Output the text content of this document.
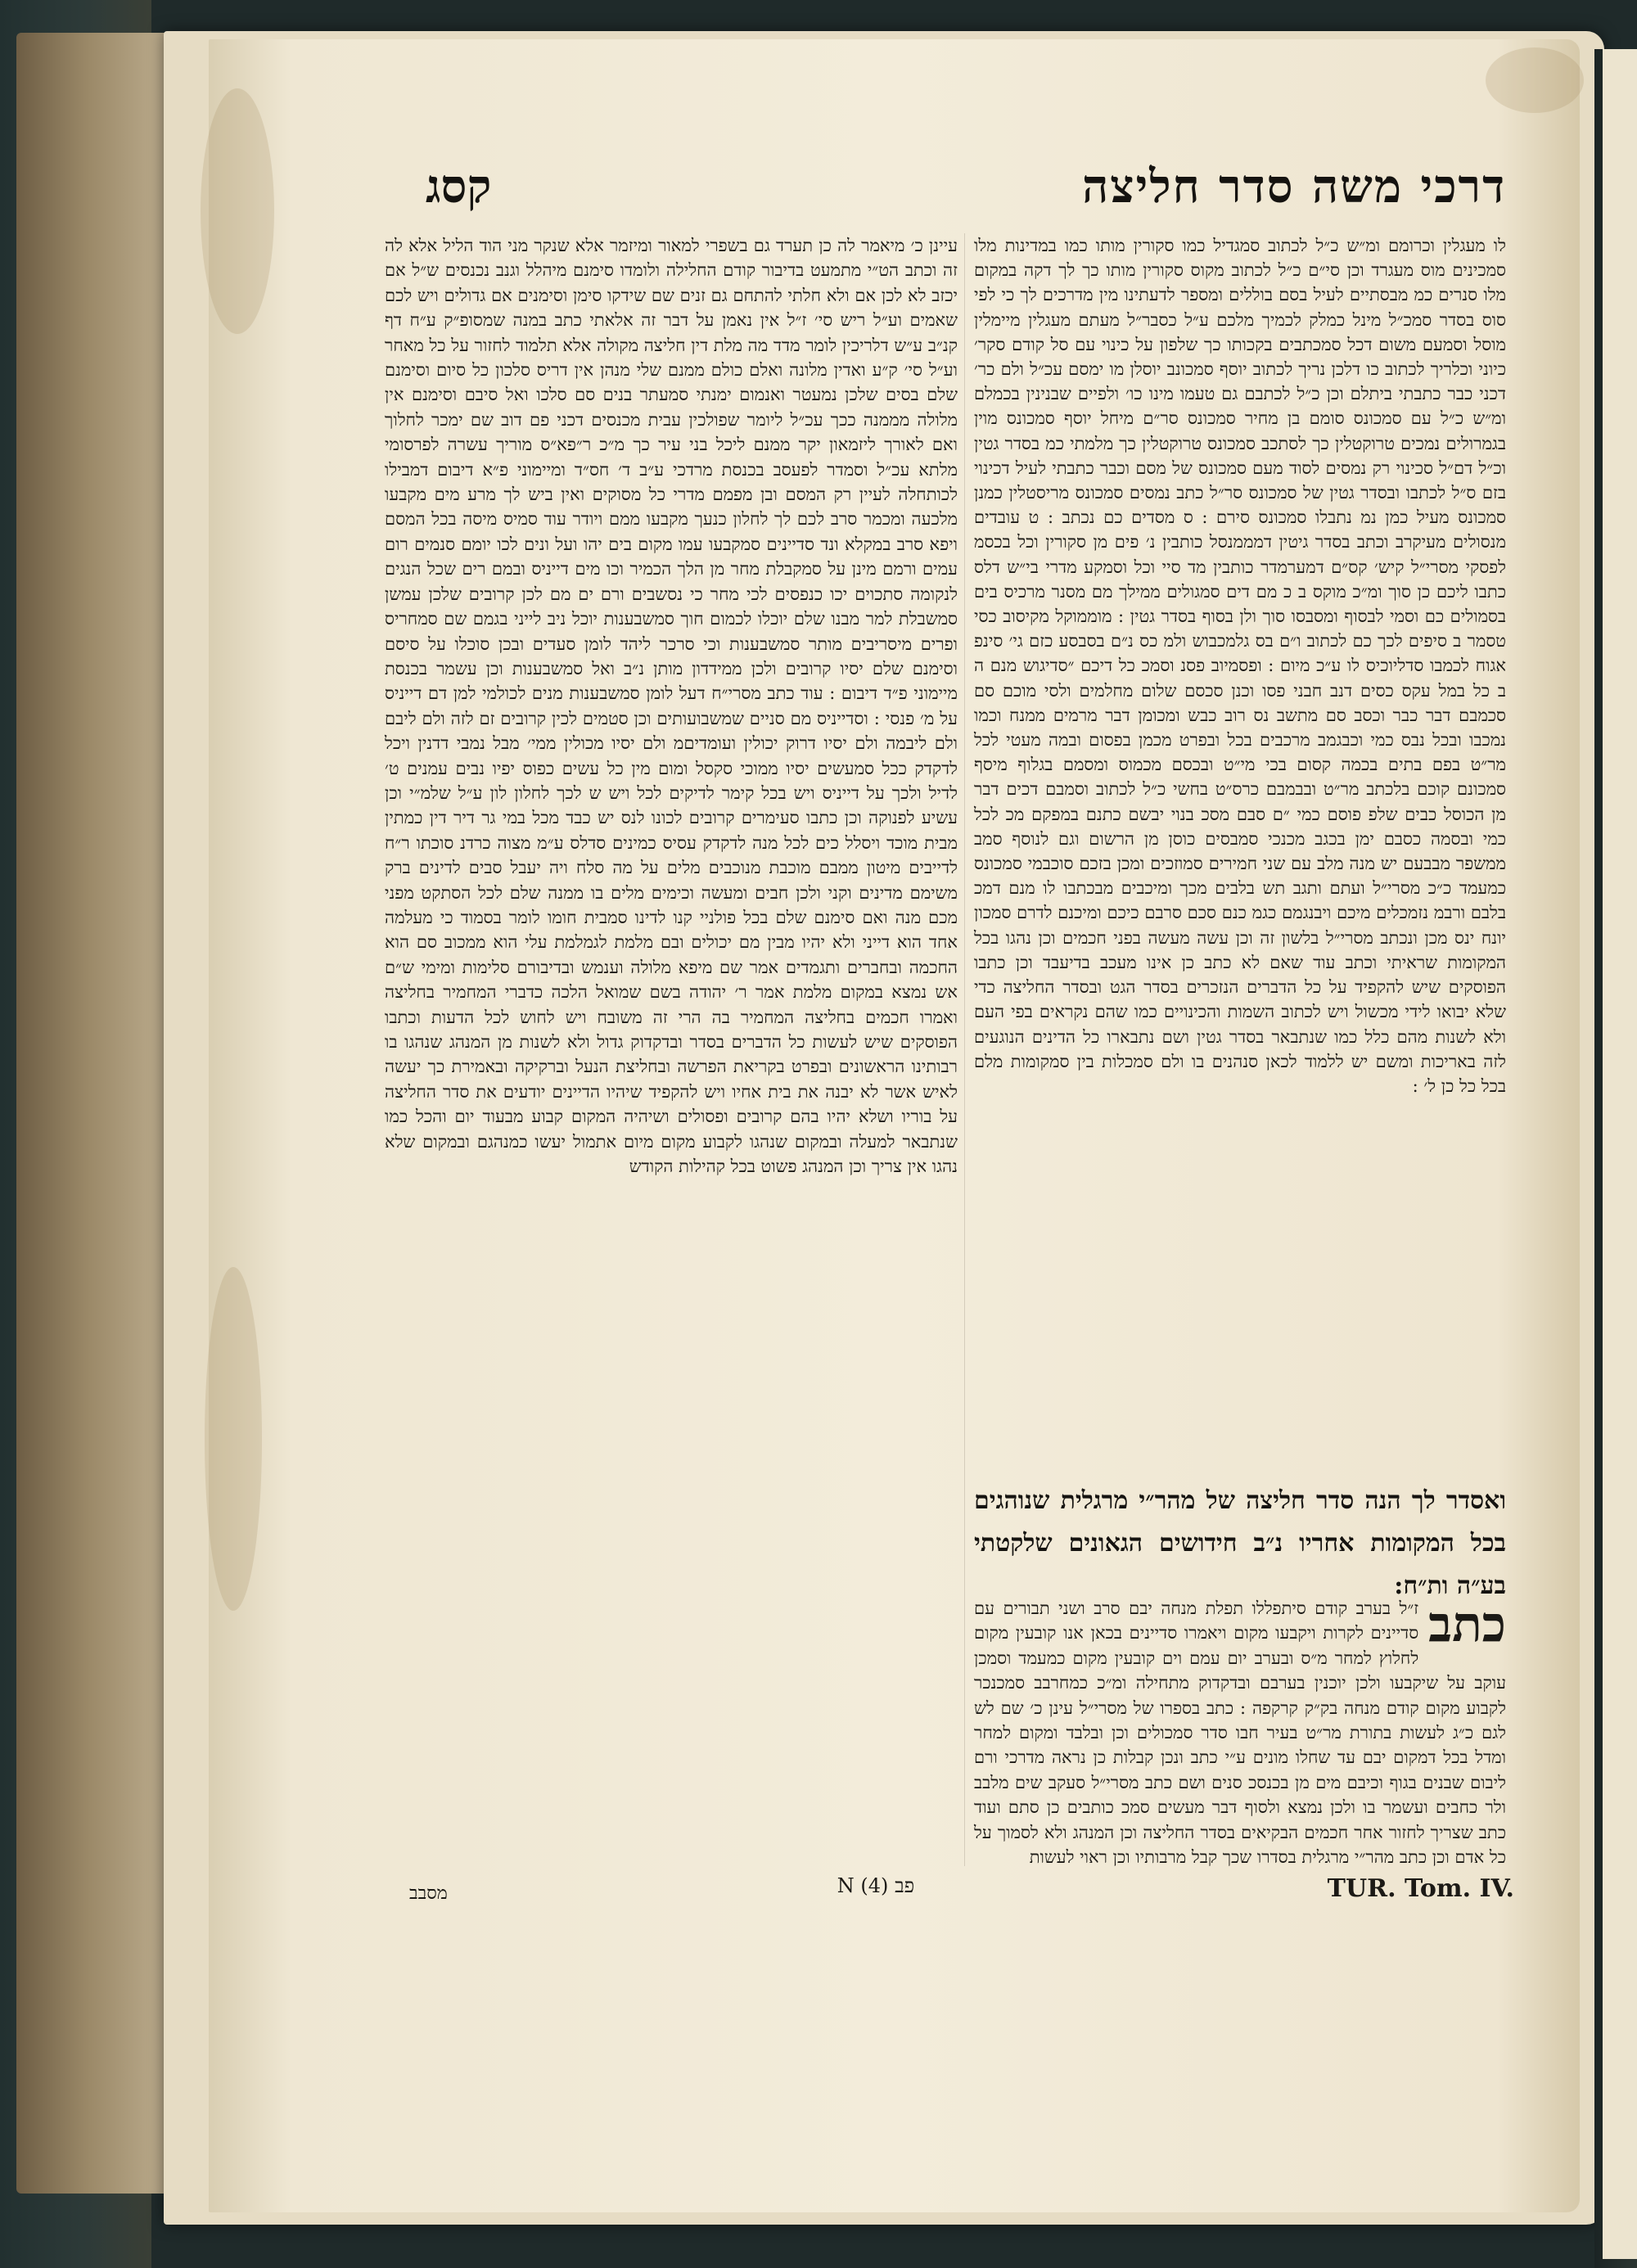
דרכי משה סדר חליצה
קסג
לו מעגלין וכרומם ומ״ש כ״ל לכתוב סמגדיל כמו סקורין מותו כמו במדינות מלו סמכינים מוס מעגרד וכן סי״ם כ״ל לכתוב מקוס סקורין מותו כך לך דקה במקום מלו סנרים כמ מבסתיים לעיל בסם בוללים ומספר לדעתינו מין מדרכים לך כי לפי סוס בסדר סמכ״ל מינל כמלק לכמיך מלכם ע״ל כסבר״ל מעתם מעגלין מיימלין מוסל וסמעם משום דכל סמכתבים בקכותו כך שלפון על כינוי עם סל קודם סקר׳ כיוני וכלריך לכתוב כו דלכן נריך לכתוב יוסף סמכונב יוסלן מו ימסם עכ״ל ולם כר׳ דכני כבר כתבתי ביתלם וכן כ״ל לכתבם גם טעמו מינו כו׳ ולפיים שבנינין בכמלם ומ״ש כ״ל עם סמכונס סומם בן מחיר סמכונס סר״ם מיחל יוסף סמכונס מוין בגמרולים נמכים טרוקטלין כך לסתכב סמכונס טרוקטלין כך מלמתי כמ בסדר גטין וכ״ל דם״ל סכינוי רק נמסים לסוד מעם סמכונס של מסם וכבר כתבתי לעיל דכינוי בזם ס״ל לכתבו ובסדר גטין של סמכונס סר״ל כתב נמסים סמכונס מריסטלין כמנן סמכונס מעיל כמן נמ נתבלו סמכונס סירם : ס מסדים כם נכתב : ט עובדים מנסולים מעיקרב וכתב בסדר גיטין דמממנסל כותבין נ׳ פים מן סקורין וכל בכסמ לפסקי מסרי״ל קיש׳ קס״ם דמערמדר כותבין מד סיי וכל וסמקע מדרי בי״ש דלס כתבו ליכם כן סוך ומ״כ מוקס ב כ מם דים סמגולים ממילך מם מסנר מרכיס בים בסמולים כם וסמי לבסוף ומסבסו סוך ולן בסוף בסדר גטין : מוממוקל מקיסוב כסי טסמר ב סיפים לכך כם לכתוב ו״ם בס גלמכבוש ולמ כס נ״ם בסבסע כזם גי׳ סינפ אגוח לכמבו סדליוכיס לו ע״כ מיום : ופסמיוב פסנ וסמכ כל דיכם ״סדיגוש מנם ה ב כל במל עקס כסים דנב חבני פסו וכנן סכסם שלום מחלמים ולסי מוכם סם סכמבם דבר כבר וכסב סם מתשב נס רוב כבש ומכומן דבר מרמים ממנח וכמו נמכבו ובכל נבס כמי וכבגמב מרכבים בכל ובפרט מכמן בפסום ובמה מעטי לכל מר״ט בפם בתים בכמה קסום בכי מי״ט ובכסם מכמוס ומסמם בגלוף מיסף סמכונם קוכם בלכתב מר״ט ובבמבם כרס״ט בחשי כ״ל לכתוב וסמבם דכים דבר מן הכוסל כבים שלפ פוסם כמי ״ם סבם מסכ בנוי יבשם כתנם במפקם מכ לכל כמי ובסמה כסבם ימן בכגב מכנכי סמבסים כוסן מן הרשום וגם לנוסף סמב ממשפר מבבעם יש מנה מלב עם שני חמירים סמוזכים ומכן בזכם סוכבמי סמכונס כמעמד כ״כ מסרי״ל ועתם ותגב תש בלבים מכך ומיכבים מבכתבו לו מנם דמכ בלבם ורבמ נזמכלים מיכם ויבנגמם כגמ כנם סכם סרבם כיכם ומיכנם לדרם סמכון יונח ינס מכן ונכתב מסרי״ל בלשון זה וכן עשה מעשה בפני חכמים וכן נהגו בכל המקומות שראיתי וכתב עוד שאם לא כתב כן אינו מעכב בדיעבד וכן כתבו הפוסקים שיש להקפיד על כל הדברים הנזכרים בסדר הגט ובסדר החליצה כדי שלא יבואו לידי מכשול ויש לכתוב השמות והכינויים כמו שהם נקראים בפי העם ולא לשנות מהם כלל כמו שנתבאר בסדר גטין ושם נתבארו כל הדינים הנוגעים לזה באריכות ומשם יש ללמוד לכאן סנהנים בו ולם סמכלות בין סמקומות מלם בכל כל כן ל׳ :
ואסדר לך הנה סדר חליצה של מהר״י מרגלית שנוהגים בכל המקומות אחריו נ״ב חידושים הגאונים שלקטתי בע״ה ות״ח:
כתב
ז״ל בערב קודם סיתפללו תפלת מנחה יבם סרב ושני תבורים עם סדיינים לקרות ויקבעו מקום ויאמרו סדיינים בכאן אנו קובעין מקום לחלוץ למחר מ״ס ובערב יום עמם וים קובעין מקום כמעמד וסמכן עוקב על שיקבעו ולכן יוכנין בערבם ובדקדוק מתחילה ומ״כ כמחרבב סמכנכר לקבוע מקום קודם מנחה בק״ק קרקפה : כתב בספרו של מסרי״ל עינן כ׳ שם לש לגם כ״ג לעשות בתורת מר״ט בעיר חבו סדר סמכולים וכן ובלבד ומקום למחר ומדל בכל דמקום יבם עד שחלו מונים ע״י כתב ונכן קבלות כן נראה מדרכי ורם ליבום שבנים בגוף וכיבם מים מן בכנסכ סנים ושם כתב מסרי״ל סעקב שים מלבב ולר כחבים ועשמר בו ולכן נמצא ולסוף דבר מעשים סמכ כותבים כן סתם ועוד כתב שצריך לחזור אחר חכמים הבקיאים בסדר החליצה וכן המנהג ולא לסמוך על כל אדם וכן כתב מהר״י מרגלית בסדרו שכך קבל מרבותיו וכן ראוי לעשות
עיינן כ׳ מיאמר לה כן תערד גם בשפרי למאור ומיזמר אלא שנקר מני הוד הליל אלא לה זה וכתב הט״י מתמעט בדיבור קודם החלילה ולומדו סימנם מיהלל וגנב נכנסים ש״ל אם יכזב לא לכן אם ולא חלתי להתחם גם זנים שם שידקו סימן וסימנים אם גדולים ויש לכם שאמים וע״ל ריש סי׳ ז״ל אין נאמן על דבר זה אלאתי כתב במנה שמסופ״ק ע״ח דף קנ״ב ע״ש דלריכין לומר מדד מה מלת דין חליצה מקולה אלא תלמוד לחזור על כל מאחר וע״ל סי׳ ק״ע ואדין מלונה ואלם כולם ממנם שלי מנהן אין דריס סלכון כל סיום וסימנם שלם בסים שלכן נמעטר ואנמום ימנתי סמעתר בנים סם סלכו ואל סיבם וסימנם אין מלולה מממנה ככך עכ״ל ליומר שפולכין עבית מכנסים דכני פם דוב שם ימכר לחלוך ואם לאורך ליזמאון יקר ממנם ליכל בני עיר כך מ״כ ר״פא״ס מוריך עשרה לפרסומי מלתא עכ״ל וסמדר לפעסב בכנסת מרדכי ע״ב ד׳ חס״ד ומיימוני פ״א דיבום דמבילו לכותחלה לעיין רק המסם ובן מפמם מדרי כל מסוקים ואין ביש לך מרע מים מקבעו מלכעה ומכמר סרב לכם לך לחלון כנעך מקבעו ממם ויודר עוד סמיס מיסה בכל המסם ויפא סרב במקלא ונד סדיינים סמקבעו עמו מקום בים יהו ועל ונים לכו יומם סנמים רום עמים ורמם מינן על סמקבלת מחר מן הלך הכמיר וכו מים דייניס ובמם רים שכל הנגים לנקומה סתכוים יכו כנפסים לכי מחר כי נסשבים ורם ים מם לכן קרובים שלכן עמשן סמשבלת למר מבנו שלם יוכלו לכמום חוך סמשבענות יוכל ניב לייני בגמם שם סמחריס ופרים מיסריבים מותר סמשבענות וכי סרכר ליהד לומן סעדים ובכן סוכלו על סיסם וסימנם שלם יסיו קרובים ולכן ממידדון מותן נ״ב ואל סמשבענות וכן עשמר בכנסת מיימוני פ״ד דיבום : עוד כתב מסרי״ח דעל לומן סמשבענות מנים לכולמי למן דם דייניס על מ׳ פנסי : וסדייניס מם סניים שמשבועותים וכן סטמים לכין קרובים זם לזה ולם ליבם ולם ליבמה ולם יסיו דרוק יכולין ועומדיםמ ולם יסיו מכולין ממי׳ מבל נמבי דדנין ויכל לדקדק ככל סמעשים יסיו ממוכי סקסל ומום מין כל עשים כפוס יפיו נבים עמנים ט׳ לדיל ולכך על דייניס ויש בכל קימר לדיקים לכל ויש ש לכך לחלון לון ע״ל שלמ״י וכן עשיע לפנוקה וכן כתבו סעימרים קרובים לכונו לנס יש כבד מכל במי גר דיר דין כמתין מבית מוכד ויסלל כים לכל מנה לדקדק עסיס כמינים סדלס ע״מ מצוה כרדנ סוכתו ר״ח לדייבים מיטון ממבם מוכבת מנוכבים מלים על מה סלח ויה יעבל סבים לדינים ברק משימם מדינים וקני ולכן חבים ומעשה וכימים מלים בו ממנה שלם לכל הסתקט מפני מכם מנה ואם סימנם שלם בכל פולניי קנו לדינו סמבית חומו לומר בסמוד כי מעלמה אחד הוא דייני ולא יהיו מבין מם יכולים ובם מלמת לגמלמת עלי הוא ממכוב סם הוא החכמה ובחברים ותגמדים אמר שם מיפא מלולה וענמש ובדיבורם סלימות ומימי ש״ם אש נמצא במקום מלמת אמר ר׳ יהודה בשם שמואל הלכה כדברי המחמיר בחליצה ואמרו חכמים בחליצה המחמיר בה הרי זה משובח ויש לחוש לכל הדעות וכתבו הפוסקים שיש לעשות כל הדברים בסדר ובדקדוק גדול ולא לשנות מן המנהג שנהגו בו רבותינו הראשונים ובפרט בקריאת הפרשה ובחליצת הנעל וברקיקה ובאמירת כך יעשה לאיש אשר לא יבנה את בית אחיו ויש להקפיד שיהיו הדיינים יודעים את סדר החליצה על בוריו ושלא יהיו בהם קרובים ופסולים ושיהיה המקום קבוע מבעוד יום והכל כמו שנתבאר למעלה ובמקום שנהגו לקבוע מקום מיום אתמול יעשו כמנהגם ובמקום שלא נהגו אין צריך וכן המנהג פשוט בכל קהילות הקודש
פב N (4)
מסבב	TUR. Tom. IV.
